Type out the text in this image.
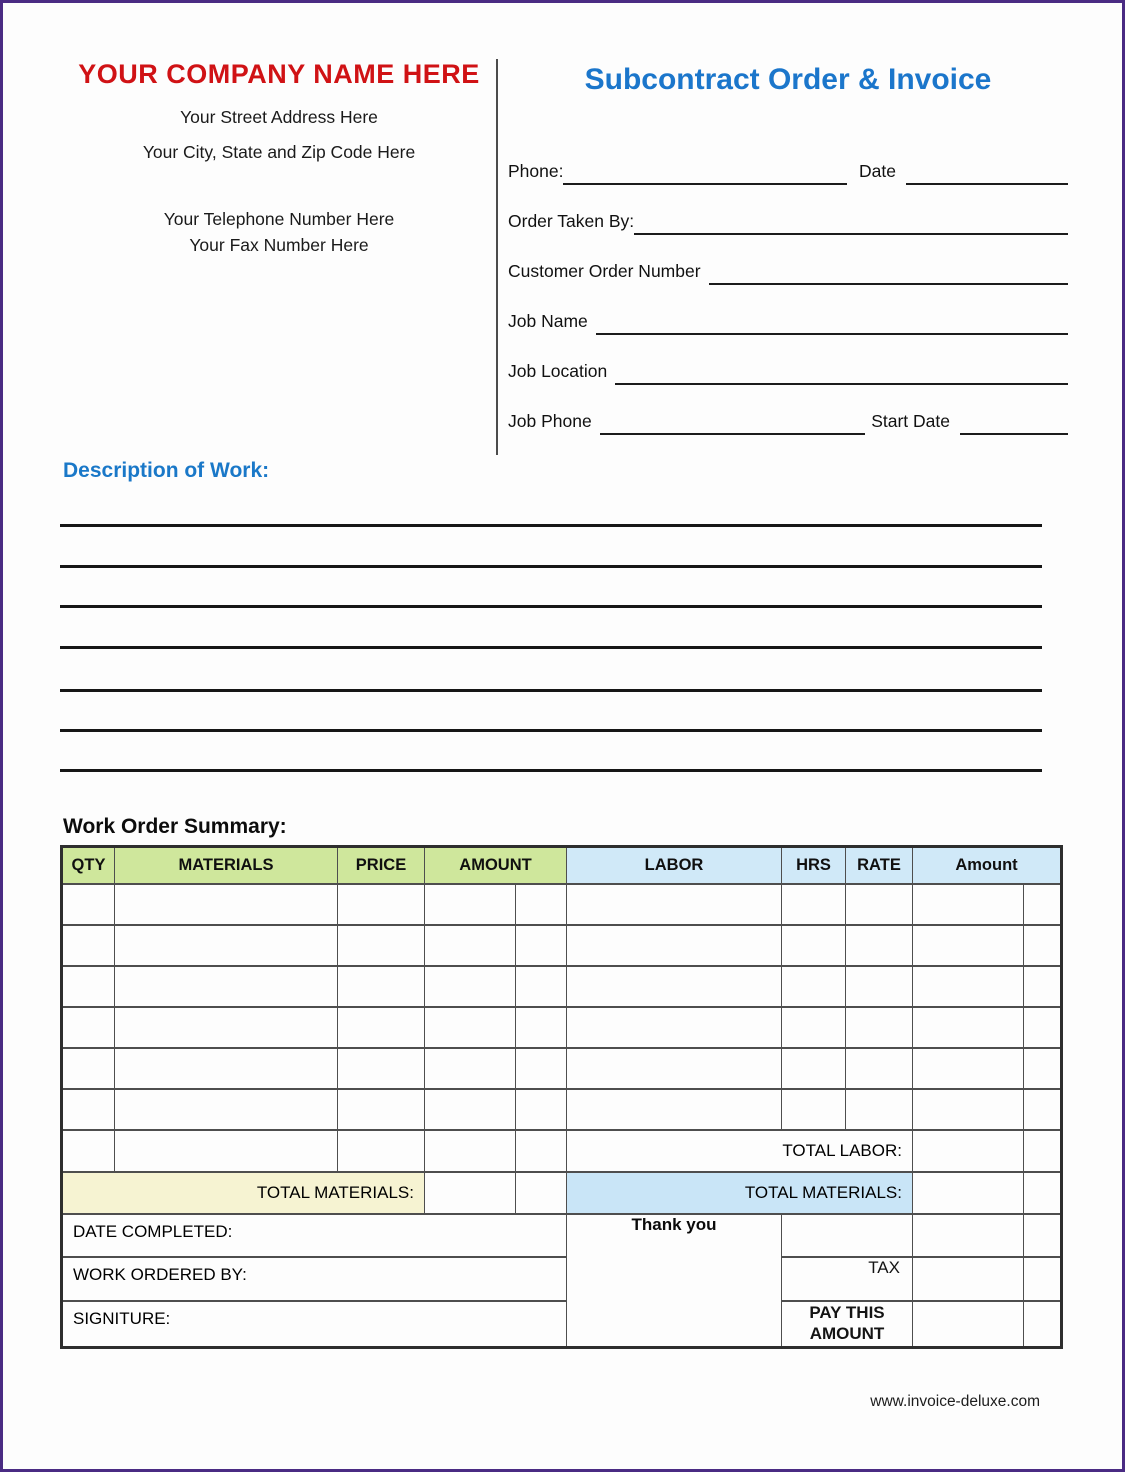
YOUR COMPANY NAME HERE
Your Street Address Here
Your City, State and Zip Code Here
Your Telephone Number Here
Your Fax Number Here
Subcontract Order & Invoice
Phone:	Date
Order Taken By:
Customer Order Number
Job Name
Job Location
Job Phone	Start Date
Description of Work:
Work Order Summary:
QTY	MATERIALS	PRICE	AMOUNT		LABOR	HRS	RATE	Amount	

					TOTAL LABOR:				
TOTAL MATERIALS:					TOTAL MATERIALS:				
DATE COMPLETED:					Thank you				
WORK ORDERED BY:						TAX			
SIGNITURE:						PAY THIS AMOUNT			
www.invoice-deluxe.com
